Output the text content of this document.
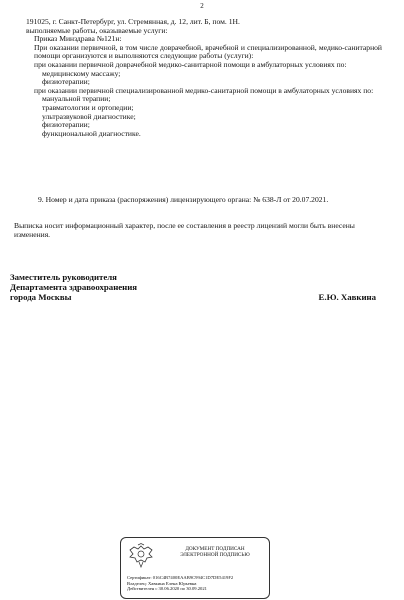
2

191025, г. Санкт-Петербург, ул. Стремянная, д. 12, лит. Б, пом. 1Н.

выполняемые работы, оказываемые услуги:

Приказ Минздрава №121н:

При оказании первичной, в том числе доврачебной, врачебной и специализированной, медико-санитарной помощи организуются и выполняются следующие работы (услуги):

при оказании первичной доврачебной медико-санитарной помощи в амбулаторных условиях по:

медицинскому массажу;

физиотерапии;

при оказании первичной специализированной медико-санитарной помощи в амбулаторных условиях по:

мануальной терапии;

травматологии и ортопедии;

ультразвуковой диагностике;

физиотерапии;

функциональной диагностике.

9. Номер и дата приказа (распоряжения) лицензирующего органа: № 638-Л от 20.07.2021.
Выписка носит информационный характер, после ее составления в реестр лицензий могли быть внесены изменения.
Заместитель руководителя
Департамента здравоохранения
города Москвы	Е.Ю. Хавкина
ДОКУМЕНТ ПОДПИСАН
ЭЛЕКТРОННОЙ ПОДПИСЬЮ
Сертификат: 016C4B7400EAAB9C994C1D7DE5419F2
Владелец: Хавкина Елена Юрьевна
Действителен с 30.06.2020 по 30.09.2021
